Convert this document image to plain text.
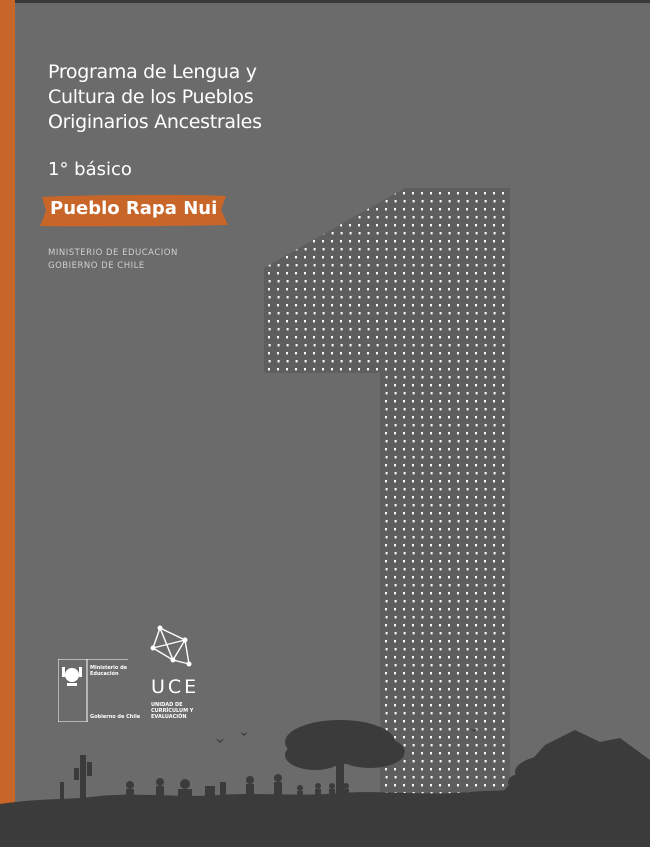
Programa de Lengua y
Cultura de los Pueblos
Originarios Ancestrales
1° básico
Pueblo Rapa Nui
MINISTERIO DE EDUCACION
GOBIERNO DE CHILE
Ministerio de
Educación
Gobierno de Chile
UCE
UNIDAD DE
CURRÍCULUM Y
EVALUACIÓN
